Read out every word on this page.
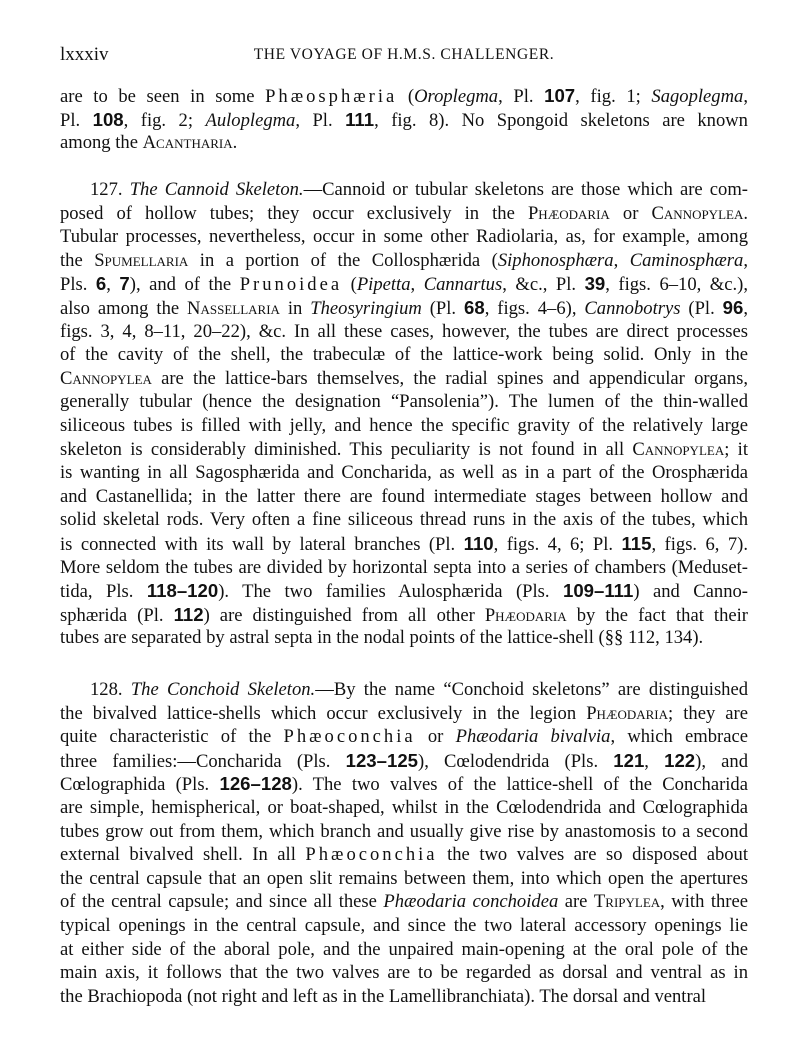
lxxxiv	THE VOYAGE OF H.M.S. CHALLENGER.
are to be seen in some Phæosphæria (Oroplegma, Pl. 107, fig. 1; Sagoplegma,
Pl. 108, fig. 2; Auloplegma, Pl. 111, fig. 8). No Spongoid skeletons are known
among the Acantharia.
127. The Cannoid Skeleton.—Cannoid or tubular skeletons are those which are com-
posed of hollow tubes; they occur exclusively in the Phæodaria or Cannopylea.
Tubular processes, nevertheless, occur in some other Radiolaria, as, for example, among
the Spumellaria in a portion of the Collosphærida (Siphonosphæra, Caminosphæra,
Pls. 6, 7), and of the Prunoidea (Pipetta, Cannartus, &c., Pl. 39, figs. 6–10, &c.),
also among the Nassellaria in Theosyringium (Pl. 68, figs. 4–6), Cannobotrys (Pl. 96,
figs. 3, 4, 8–11, 20–22), &c. In all these cases, however, the tubes are direct processes
of the cavity of the shell, the trabeculæ of the lattice-work being solid. Only in the
Cannopylea are the lattice-bars themselves, the radial spines and appendicular organs,
generally tubular (hence the designation “Pansolenia”). The lumen of the thin-walled
siliceous tubes is filled with jelly, and hence the specific gravity of the relatively large
skeleton is considerably diminished. This peculiarity is not found in all Cannopylea; it
is wanting in all Sagosphærida and Concharida, as well as in a part of the Orosphærida
and Castanellida; in the latter there are found intermediate stages between hollow and
solid skeletal rods. Very often a fine siliceous thread runs in the axis of the tubes, which
is connected with its wall by lateral branches (Pl. 110, figs. 4, 6; Pl. 115, figs. 6, 7).
More seldom the tubes are divided by horizontal septa into a series of chambers (Meduset-
tida, Pls. 118–120). The two families Aulosphærida (Pls. 109–111) and Canno-
sphærida (Pl. 112) are distinguished from all other Phæodaria by the fact that their
tubes are separated by astral septa in the nodal points of the lattice-shell (§§ 112, 134).
128. The Conchoid Skeleton.—By the name “Conchoid skeletons” are distinguished
the bivalved lattice-shells which occur exclusively in the legion Phæodaria; they are
quite characteristic of the Phæoconchia or Phæodaria bivalvia, which embrace
three families:—Concharida (Pls. 123–125), Cœlodendrida (Pls. 121, 122), and
Cœlographida (Pls. 126–128). The two valves of the lattice-shell of the Concharida
are simple, hemispherical, or boat-shaped, whilst in the Cœlodendrida and Cœlographida
tubes grow out from them, which branch and usually give rise by anastomosis to a second
external bivalved shell. In all Phæoconchia the two valves are so disposed about
the central capsule that an open slit remains between them, into which open the apertures
of the central capsule; and since all these Phæodaria conchoidea are Tripylea, with three
typical openings in the central capsule, and since the two lateral accessory openings lie
at either side of the aboral pole, and the unpaired main-opening at the oral pole of the
main axis, it follows that the two valves are to be regarded as dorsal and ventral as in
the Brachiopoda (not right and left as in the Lamellibranchiata). The dorsal and ventral
